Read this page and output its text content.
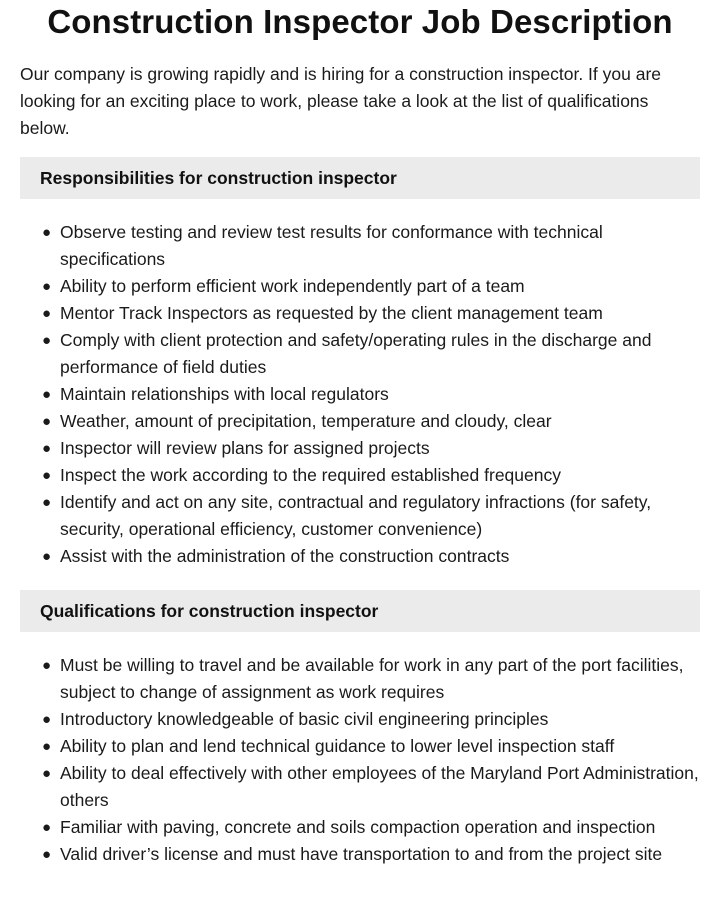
Construction Inspector Job Description

Our company is growing rapidly and is hiring for a construction inspector. If you are looking for an exciting place to work, please take a look at the list of qualifications below.

Responsibilities for construction inspector
● Observe testing and review test results for conformance with technical specifications
● Ability to perform efficient work independently part of a team
● Mentor Track Inspectors as requested by the client management team
● Comply with client protection and safety/operating rules in the discharge and performance of field duties
● Maintain relationships with local regulators
● Weather, amount of precipitation, temperature and cloudy, clear
● Inspector will review plans for assigned projects
● Inspect the work according to the required established frequency
● Identify and act on any site, contractual and regulatory infractions (for safety, security, operational efficiency, customer convenience)
● Assist with the administration of the construction contracts
Qualifications for construction inspector
● Must be willing to travel and be available for work in any part of the port facilities, subject to change of assignment as work requires
● Introductory knowledgeable of basic civil engineering principles
● Ability to plan and lend technical guidance to lower level inspection staff
● Ability to deal effectively with other employees of the Maryland Port Administration, others
● Familiar with paving, concrete and soils compaction operation and inspection
● Valid driver’s license and must have transportation to and from the project site
